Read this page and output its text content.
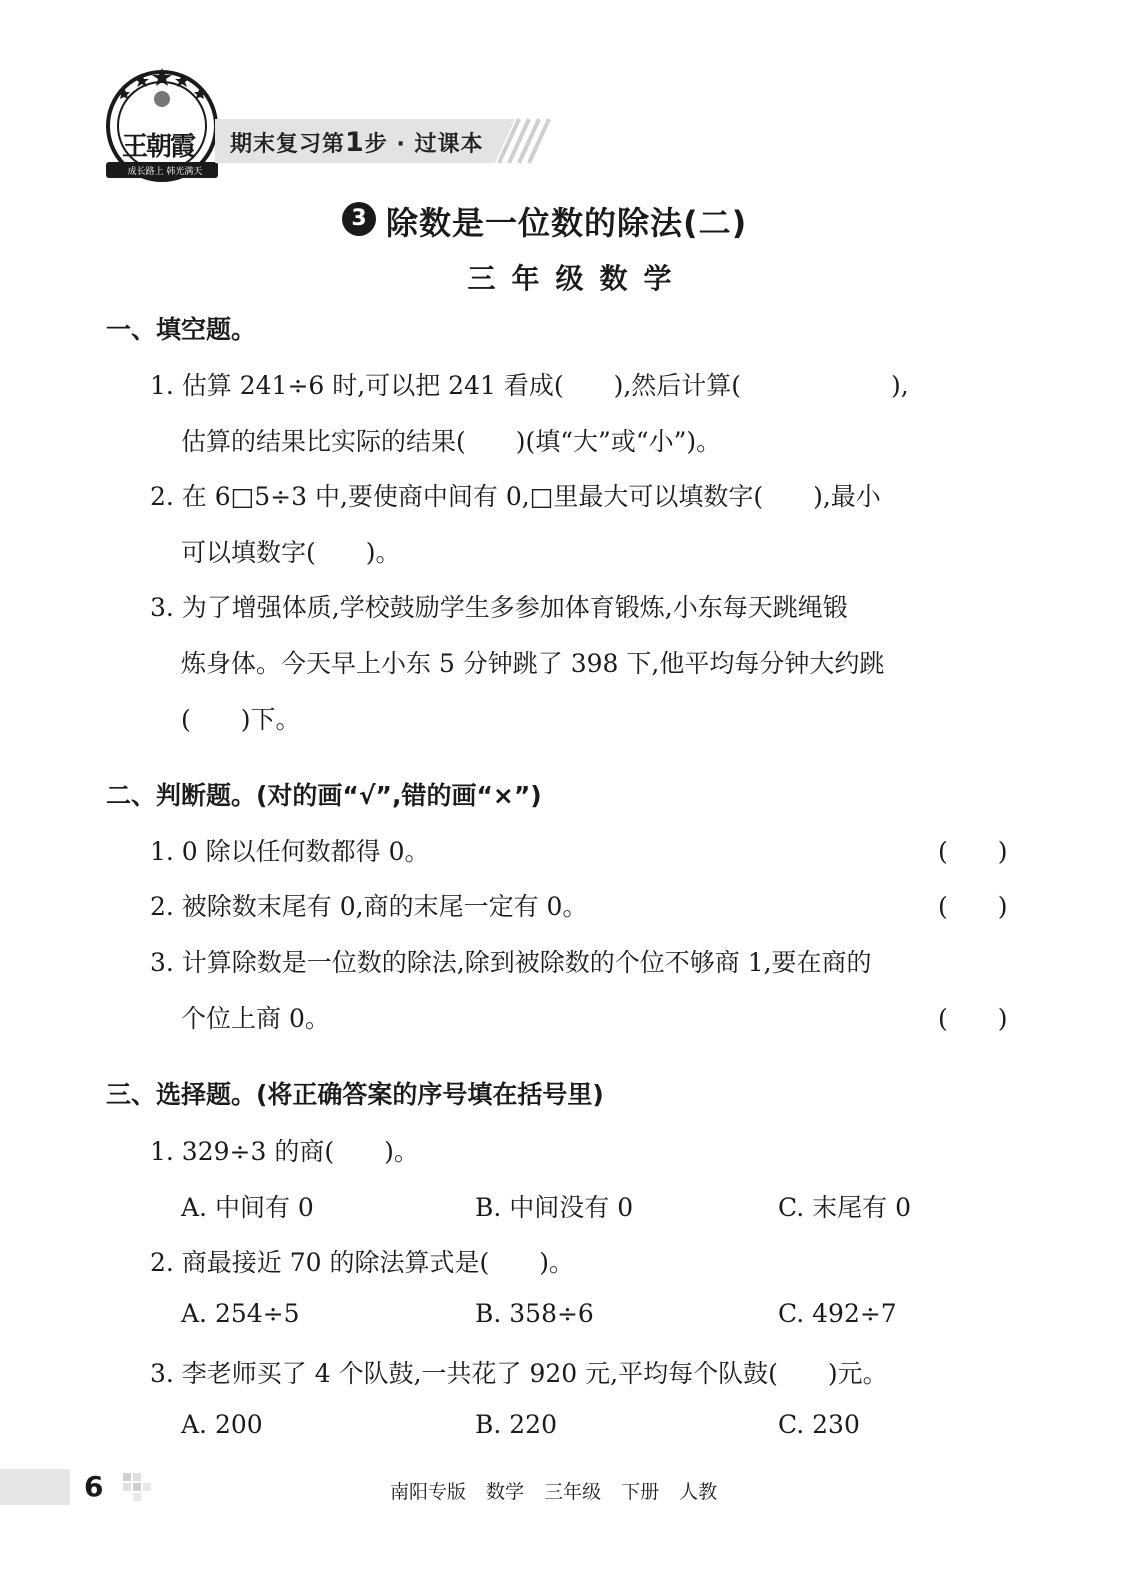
王朝霞
成长路上 韩光满天
期末复习第1步 · 过课本
3 除数是一位数的除法(二)
三年级数学
一、填空题。
1. 估算 241÷6 时,可以把 241 看成(　　),然后计算(　　　　　　),
估算的结果比实际的结果(　　)(填“大”或“小”)。
2. 在 6□5÷3 中,要使商中间有 0,□里最大可以填数字(　　),最小
可以填数字(　　)。
3. 为了增强体质,学校鼓励学生多参加体育锻炼,小东每天跳绳锻
炼身体。今天早上小东 5 分钟跳了 398 下,他平均每分钟大约跳
(　　)下。
二、判断题。(对的画“√”,错的画“×”)
1. 0 除以任何数都得 0。	(　　)
2. 被除数末尾有 0,商的末尾一定有 0。	(　　)
3. 计算除数是一位数的除法,除到被除数的个位不够商 1,要在商的
个位上商 0。	(　　)
三、选择题。(将正确答案的序号填在括号里)
1. 329÷3 的商(　　)。
A. 中间有 0	B. 中间没有 0	C. 末尾有 0
2. 商最接近 70 的除法算式是(　　)。
A. 254÷5	B. 358÷6	C. 492÷7
3. 李老师买了 4 个队鼓,一共花了 920 元,平均每个队鼓(　　)元。
A. 200	B. 220	C. 230
6	南阳专版 数学 三年级 下册 人教
